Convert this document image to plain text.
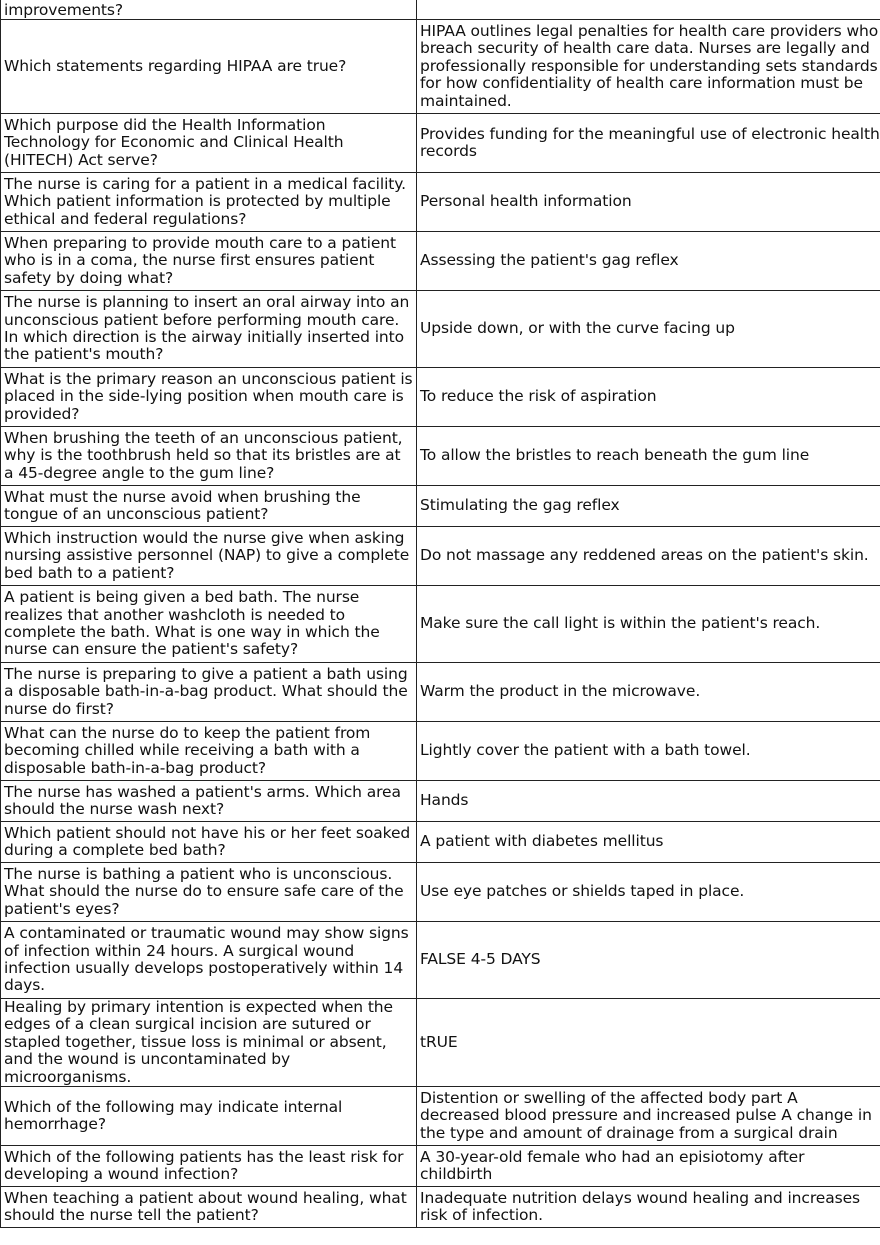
improvements?	
Which statements regarding HIPAA are true?	HIPAA outlines legal penalties for health care providers who breach security of health care data. Nurses are legally and professionally responsible for understanding sets standards for how confidentiality of health care information must be maintained.
Which purpose did the Health Information Technology for Economic and Clinical Health (HITECH) Act serve?	Provides funding for the meaningful use of electronic health records
The nurse is caring for a patient in a medical facility. Which patient information is protected by multiple ethical and federal regulations?	Personal health information
When preparing to provide mouth care to a patient who is in a coma, the nurse first ensures patient safety by doing what?	Assessing the patient's gag reflex
The nurse is planning to insert an oral airway into an unconscious patient before performing mouth care. In which direction is the airway initially inserted into the patient's mouth?	Upside down, or with the curve facing up
What is the primary reason an unconscious patient is placed in the side-lying position when mouth care is provided?	To reduce the risk of aspiration
When brushing the teeth of an unconscious patient, why is the toothbrush held so that its bristles are at a 45-degree angle to the gum line?	To allow the bristles to reach beneath the gum line
What must the nurse avoid when brushing the tongue of an unconscious patient?	Stimulating the gag reflex
Which instruction would the nurse give when asking nursing assistive personnel (NAP) to give a complete bed bath to a patient?	Do not massage any reddened areas on the patient's skin.
A patient is being given a bed bath. The nurse realizes that another washcloth is needed to complete the bath. What is one way in which the nurse can ensure the patient's safety?	Make sure the call light is within the patient's reach.
The nurse is preparing to give a patient a bath using a disposable bath-in-a-bag product. What should the nurse do first?	Warm the product in the microwave.
What can the nurse do to keep the patient from becoming chilled while receiving a bath with a disposable bath-in-a-bag product?	Lightly cover the patient with a bath towel.
The nurse has washed a patient's arms. Which area should the nurse wash next?	Hands
Which patient should not have his or her feet soaked during a complete bed bath?	A patient with diabetes mellitus
The nurse is bathing a patient who is unconscious. What should the nurse do to ensure safe care of the patient's eyes?	Use eye patches or shields taped in place.
A contaminated or traumatic wound may show signs of infection within 24 hours. A surgical wound infection usually develops postoperatively within 14 days.	FALSE 4-5 DAYS
Healing by primary intention is expected when the edges of a clean surgical incision are sutured or stapled together, tissue loss is minimal or absent, and the wound is uncontaminated by microorganisms.	tRUE
Which of the following may indicate internal hemorrhage?	Distention or swelling of the affected body part A decreased blood pressure and increased pulse A change in the type and amount of drainage from a surgical drain
Which of the following patients has the least risk for developing a wound infection?	A 30-year-old female who had an episiotomy after childbirth
When teaching a patient about wound healing, what should the nurse tell the patient?	Inadequate nutrition delays wound healing and increases risk of infection.
